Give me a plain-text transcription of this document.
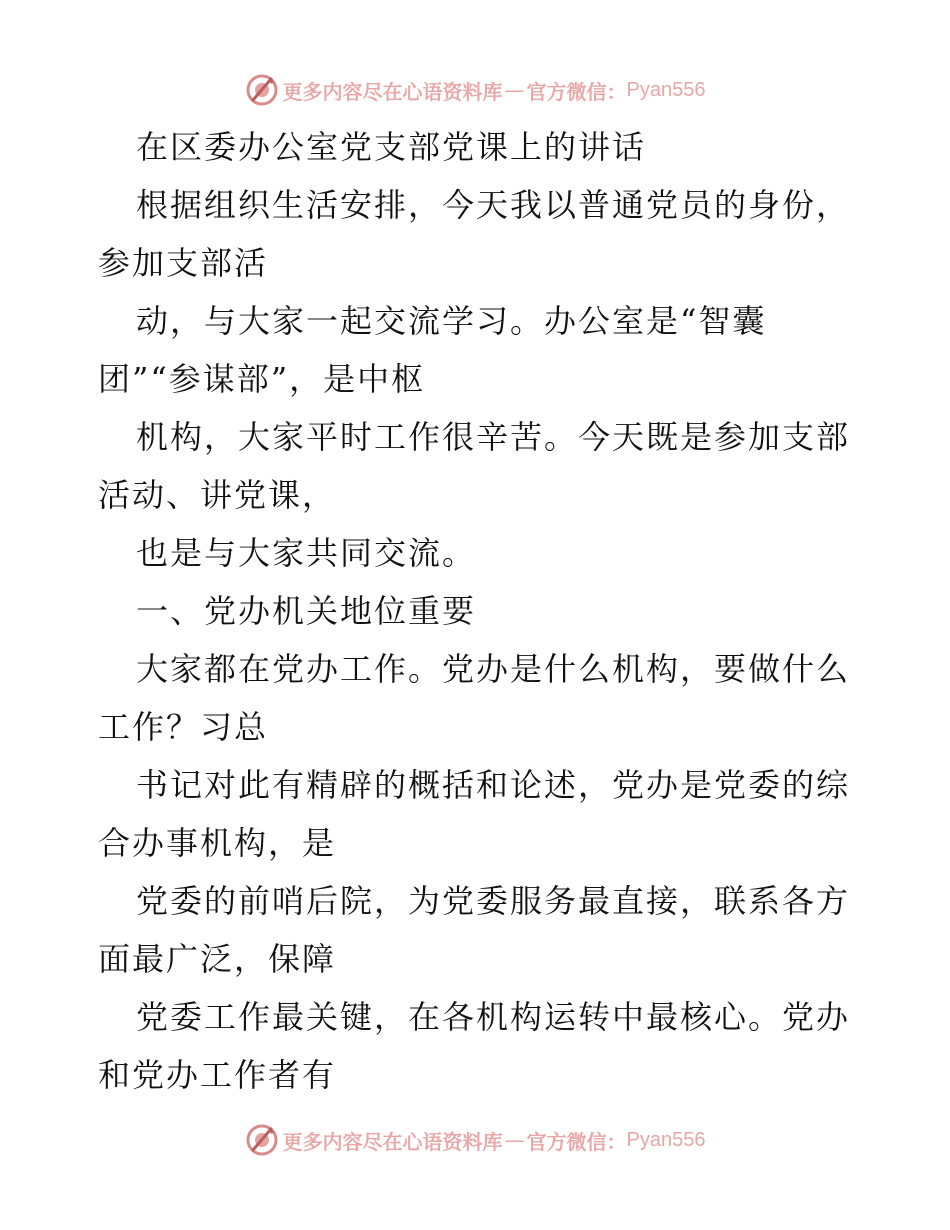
更多内容尽在心语资料库 — 官方微信： Pyan556
在区委办公室党支部党课上的讲话
根据组织生活安排，今天我以普通党员的身份，
参加支部活
动，与大家一起交流学习。办公室是“智囊
团”“参谋部”，是中枢
机构，大家平时工作很辛苦。今天既是参加支部
活动、讲党课，
也是与大家共同交流。
一、党办机关地位重要
大家都在党办工作。党办是什么机构，要做什么
工作？习总
书记对此有精辟的概括和论述，党办是党委的综
合办事机构，是
党委的前哨后院，为党委服务最直接，联系各方
面最广泛，保障
党委工作最关键，在各机构运转中最核心。党办
和党办工作者有
更多内容尽在心语资料库 — 官方微信： Pyan556
